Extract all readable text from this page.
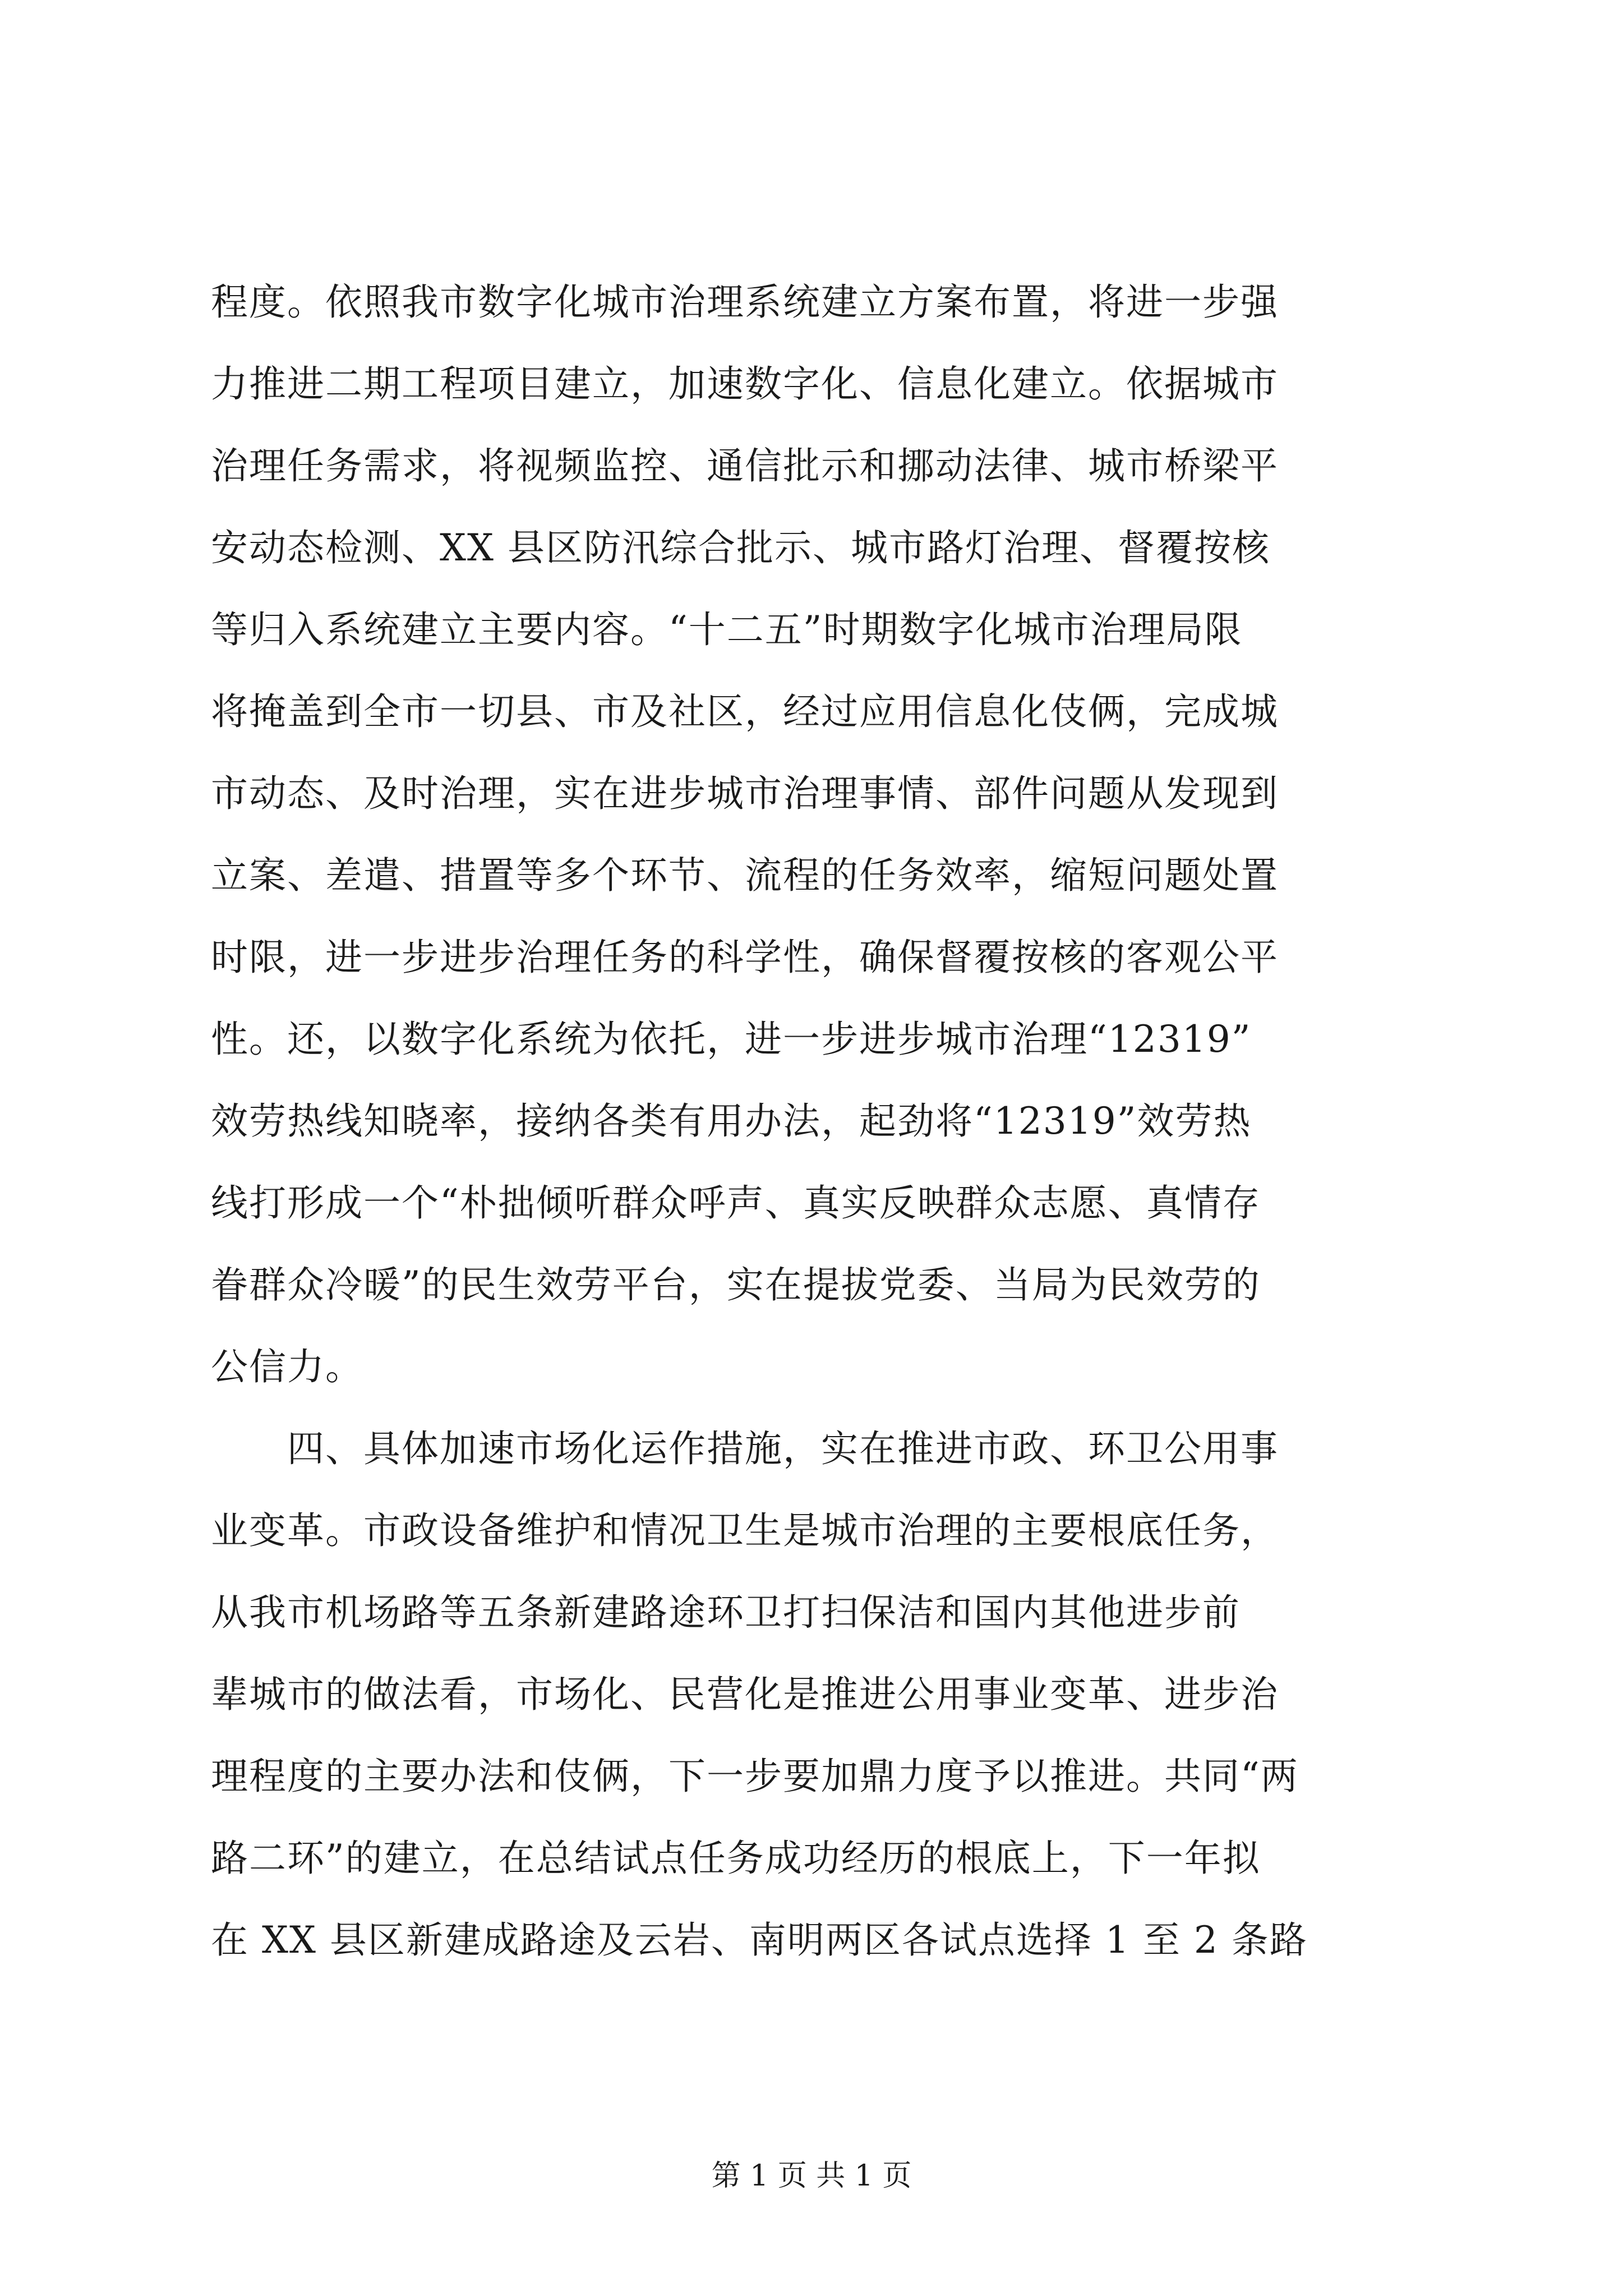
程度。依照我市数字化城市治理系统建立方案布置，将进一步强
力推进二期工程项目建立，加速数字化、信息化建立。依据城市
治理任务需求，将视频监控、通信批示和挪动法律、城市桥梁平
安动态检测、XX 县区防汛综合批示、城市路灯治理、督覆按核
等归入系统建立主要内容。“十二五”时期数字化城市治理局限
将掩盖到全市一切县、市及社区，经过应用信息化伎俩，完成城
市动态、及时治理，实在进步城市治理事情、部件问题从发现到
立案、差遣、措置等多个环节、流程的任务效率，缩短问题处置
时限，进一步进步治理任务的科学性，确保督覆按核的客观公平
性。还，以数字化系统为依托，进一步进步城市治理“12319”
效劳热线知晓率，接纳各类有用办法，起劲将“12319”效劳热
线打形成一个“朴拙倾听群众呼声、真实反映群众志愿、真情存
眷群众冷暖”的民生效劳平台，实在提拔党委、当局为民效劳的
公信力。
　　四、具体加速市场化运作措施，实在推进市政、环卫公用事
业变革。市政设备维护和情况卫生是城市治理的主要根底任务，
从我市机场路等五条新建路途环卫打扫保洁和国内其他进步前
辈城市的做法看，市场化、民营化是推进公用事业变革、进步治
理程度的主要办法和伎俩，下一步要加鼎力度予以推进。共同“两
路二环”的建立，在总结试点任务成功经历的根底上，下一年拟
在 XX 县区新建成路途及云岩、南明两区各试点选择 1 至 2 条路
第 1 页 共 1 页
